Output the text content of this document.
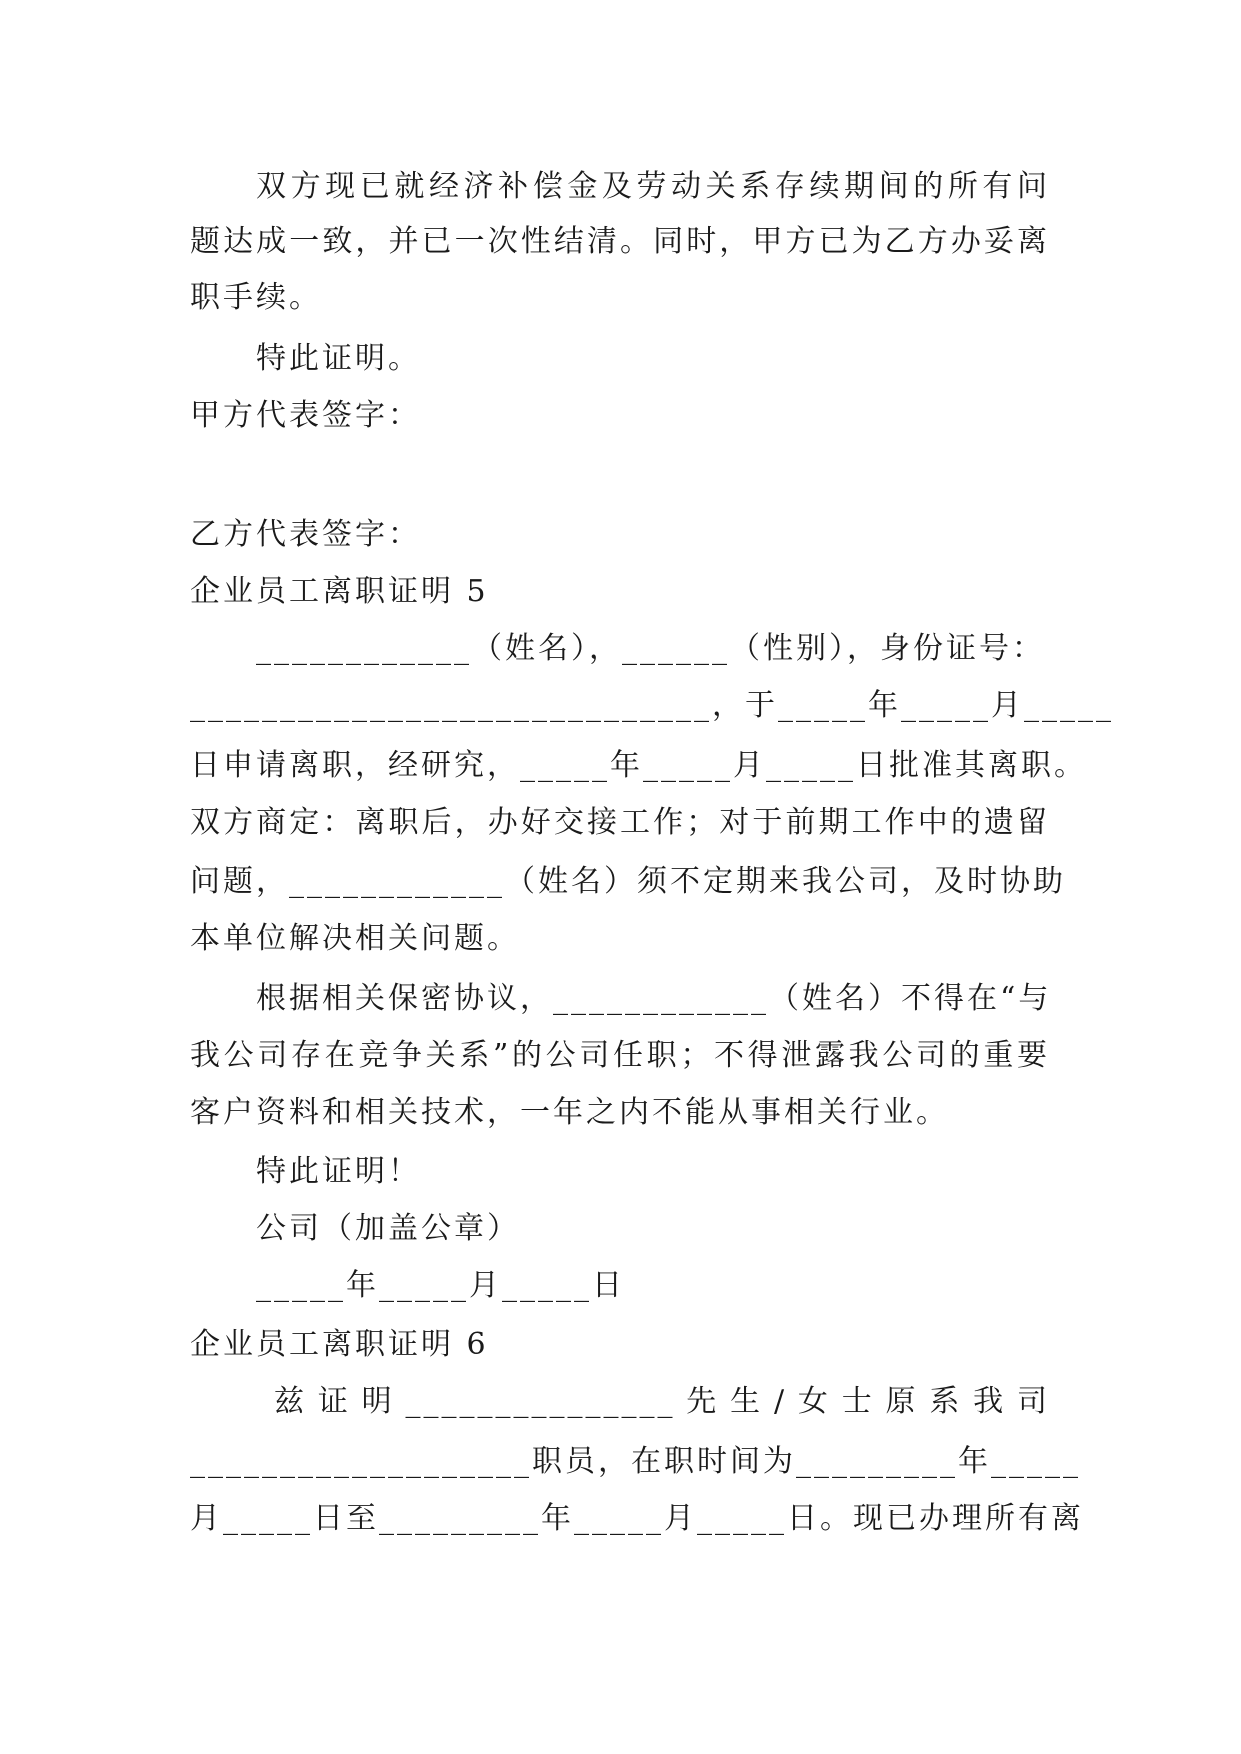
双方现已就经济补偿金及劳动关系存续期间的所有问
题达成一致，并已一次性结清。同时，甲方已为乙方办妥离
职手续。
特此证明。
甲方代表签字：
乙方代表签字：
企业员工离职证明 5
____________（姓名），______（性别），身份证号：
_____________________________，于_____年_____月_____
日申请离职，经研究，_____年_____月_____日批准其离职。
双方商定：离职后，办好交接工作；对于前期工作中的遗留
问题，____________（姓名）须不定期来我公司，及时协助
本单位解决相关问题。
根据相关保密协议，____________（姓名）不得在“与
我公司存在竞争关系”的公司任职；不得泄露我公司的重要
客户资料和相关技术，一年之内不能从事相关行业。
特此证明！
公司（加盖公章）
_____年_____月_____日
企业员工离职证明 6
兹证明_______________先生/女士原系我司
___________________职员，在职时间为_________年_____
月_____日至_________年_____月_____日。现已办理所有离
